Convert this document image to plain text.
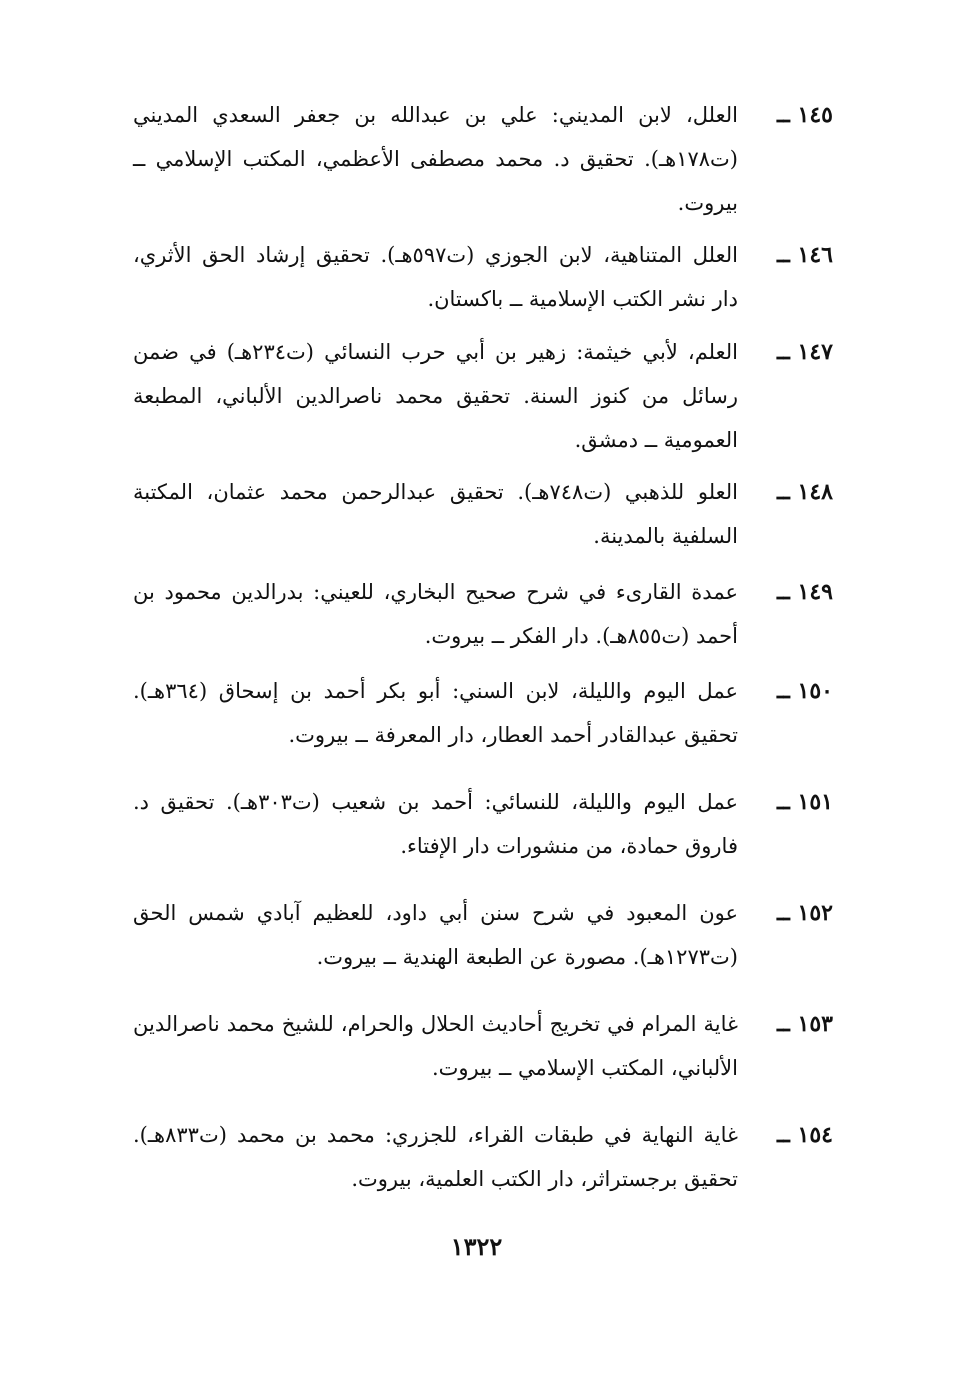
١٤٥ ــ
العلل، لابن المديني: علي بن عبدالله بن جعفر السعدي المديني (ت١٧٨هـ). تحقيق د. محمد مصطفى الأعظمي، المكتب الإسلامي ــ بيروت.
١٤٦ ــ
العلل المتناهية، لابن الجوزي (ت٥٩٧هـ). تحقيق إرشاد الحق الأثري، دار نشر الكتب الإسلامية ــ باكستان.
١٤٧ ــ
العلم، لأبي خيثمة: زهير بن أبي حرب النسائي (ت٢٣٤هـ) في ضمن رسائل من كنوز السنة. تحقيق محمد ناصرالدين الألباني، المطبعة العمومية ــ دمشق.
١٤٨ ــ
العلو للذهبي (ت٧٤٨هـ). تحقيق عبدالرحمن محمد عثمان، المكتبة السلفية بالمدينة.
١٤٩ ــ
عمدة القارىء في شرح صحيح البخاري، للعيني: بدرالدين محمود بن أحمد (ت٨٥٥هـ). دار الفكر ــ بيروت.
١٥٠ ــ
عمل اليوم والليلة، لابن السني: أبو بكر أحمد بن إسحاق (٣٦٤هـ). تحقيق عبدالقادر أحمد العطار، دار المعرفة ــ بيروت.
١٥١ ــ
عمل اليوم والليلة، للنسائي: أحمد بن شعيب (ت٣٠٣هـ). تحقيق د. فاروق حمادة، من منشورات دار الإفتاء.
١٥٢ ــ
عون المعبود في شرح سنن أبي داود، للعظيم آبادي شمس الحق (ت١٢٧٣هـ). مصورة عن الطبعة الهندية ــ بيروت.
١٥٣ ــ
غاية المرام في تخريج أحاديث الحلال والحرام، للشيخ محمد ناصرالدين الألباني، المكتب الإسلامي ــ بيروت.
١٥٤ ــ
غاية النهاية في طبقات القراء، للجزري: محمد بن محمد (ت٨٣٣هـ). تحقيق برجستراثر، دار الكتب العلمية، بيروت.
١٣٢٢
